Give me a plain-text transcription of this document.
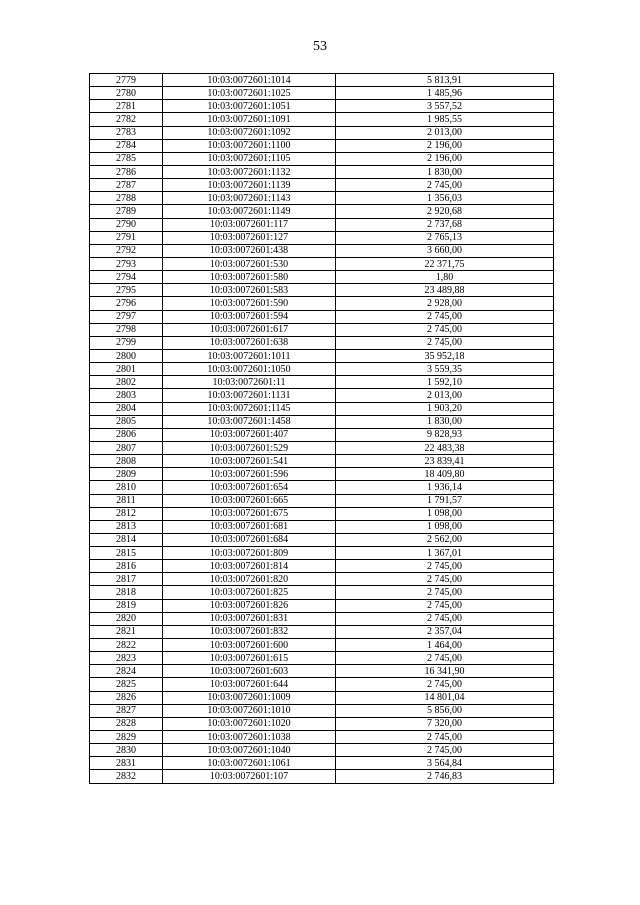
53
2779	10:03:0072601:1014	5 813,91
2780	10:03:0072601:1025	1 485,96
2781	10:03:0072601:1051	3 557,52
2782	10:03:0072601:1091	1 985,55
2783	10:03:0072601:1092	2 013,00
2784	10:03:0072601:1100	2 196,00
2785	10:03:0072601:1105	2 196,00
2786	10:03:0072601:1132	1 830,00
2787	10:03:0072601:1139	2 745,00
2788	10:03:0072601:1143	1 356,03
2789	10:03:0072601:1149	2 920,68
2790	10:03:0072601:117	2 737,68
2791	10:03:0072601:127	2 765,13
2792	10:03:0072601:438	3 660,00
2793	10:03:0072601:530	22 371,75
2794	10:03:0072601:580	1,80
2795	10:03:0072601:583	23 489,88
2796	10:03:0072601:590	2 928,00
2797	10:03:0072601:594	2 745,00
2798	10:03:0072601:617	2 745,00
2799	10:03:0072601:638	2 745,00
2800	10:03:0072601:1011	35 952,18
2801	10:03:0072601:1050	3 559,35
2802	10:03:0072601:11	1 592,10
2803	10:03:0072601:1131	2 013,00
2804	10:03:0072601:1145	1 903,20
2805	10:03:0072601:1458	1 830,00
2806	10:03:0072601:407	9 828,93
2807	10:03:0072601:529	22 483,38
2808	10:03:0072601:541	23 839,41
2809	10:03:0072601:596	18 409,80
2810	10:03:0072601:654	1 936,14
2811	10:03:0072601:665	1 791,57
2812	10:03:0072601:675	1 098,00
2813	10:03:0072601:681	1 098,00
2814	10:03:0072601:684	2 562,00
2815	10:03:0072601:809	1 367,01
2816	10:03:0072601:814	2 745,00
2817	10:03:0072601:820	2 745,00
2818	10:03:0072601:825	2 745,00
2819	10:03:0072601:826	2 745,00
2820	10:03:0072601:831	2 745,00
2821	10:03:0072601:832	2 357,04
2822	10:03:0072601:600	1 464,00
2823	10:03:0072601:615	2 745,00
2824	10:03:0072601:603	16 341,90
2825	10:03:0072601:644	2 745,00
2826	10:03:0072601:1009	14 801,04
2827	10:03:0072601:1010	5 856,00
2828	10:03:0072601:1020	7 320,00
2829	10:03:0072601:1038	2 745,00
2830	10:03:0072601:1040	2 745,00
2831	10:03:0072601:1061	3 564,84
2832	10:03:0072601:107	2 746,83
